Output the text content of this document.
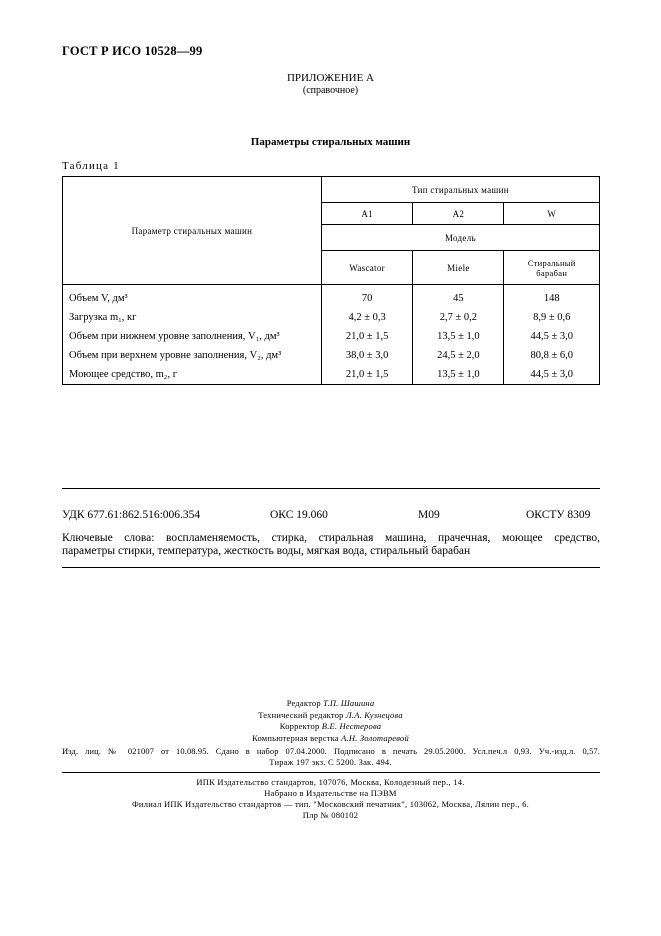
ГОСТ Р ИСО 10528—99
ПРИЛОЖЕНИЕ А
(справочное)
Параметры стиральных машин
Таблица 1
Параметр стиральных машин	Тип стиральных машин		
	A1	A2	W
	Модель		
	Wascator	Miele	Стиральный барабан
Объем V, дм³	70	45	148
Загрузка m₁, кг	4,2 ± 0,3	2,7 ± 0,2	8,9 ± 0,6
Объем при нижнем уровне заполнения, V₁, дм³	21,0 ± 1,5	13,5 ± 1,0	44,5 ± 3,0
Объем при верхнем уровне заполнения, V₂, дм³	38,0 ± 3,0	24,5 ± 2,0	80,8 ± 6,0
Моющее средство, m₂, г	21,0 ± 1,5	13,5 ± 1,0	44,5 ± 3,0
УДК 677.61:862.516:006.354	ОКС 19.060	М09	ОКСТУ 8309
Ключевые слова: воспламеняемость, стирка, стиральная машина, прачечная, моющее средство,
параметры стирки, температура, жесткость воды, мягкая вода, стиральный барабан
Редактор Т.П. Шашина
Технический редактор Л.А. Кузнецова
Корректор В.Е. Нестерова
Компьютерная верстка А.Н. Золотаревой
Изд. лиц. № 021007 от 10.08.95. Сдано в набор 07.04.2000. Подписано в печать 29.05.2000. Усл.печ.л 0,93. Уч.-изд.л. 0,57.
Тираж 197 экз. С 5200. Зак. 494.
ИПК Издательство стандартов, 107076, Москва, Колодезный пер., 14.
Набрано в Издательстве на ПЭВМ
Филиал ИПК Издательство стандартов — тип. "Московский печатник", 103062, Москва, Лялин пер., 6.
Плр № 080102
